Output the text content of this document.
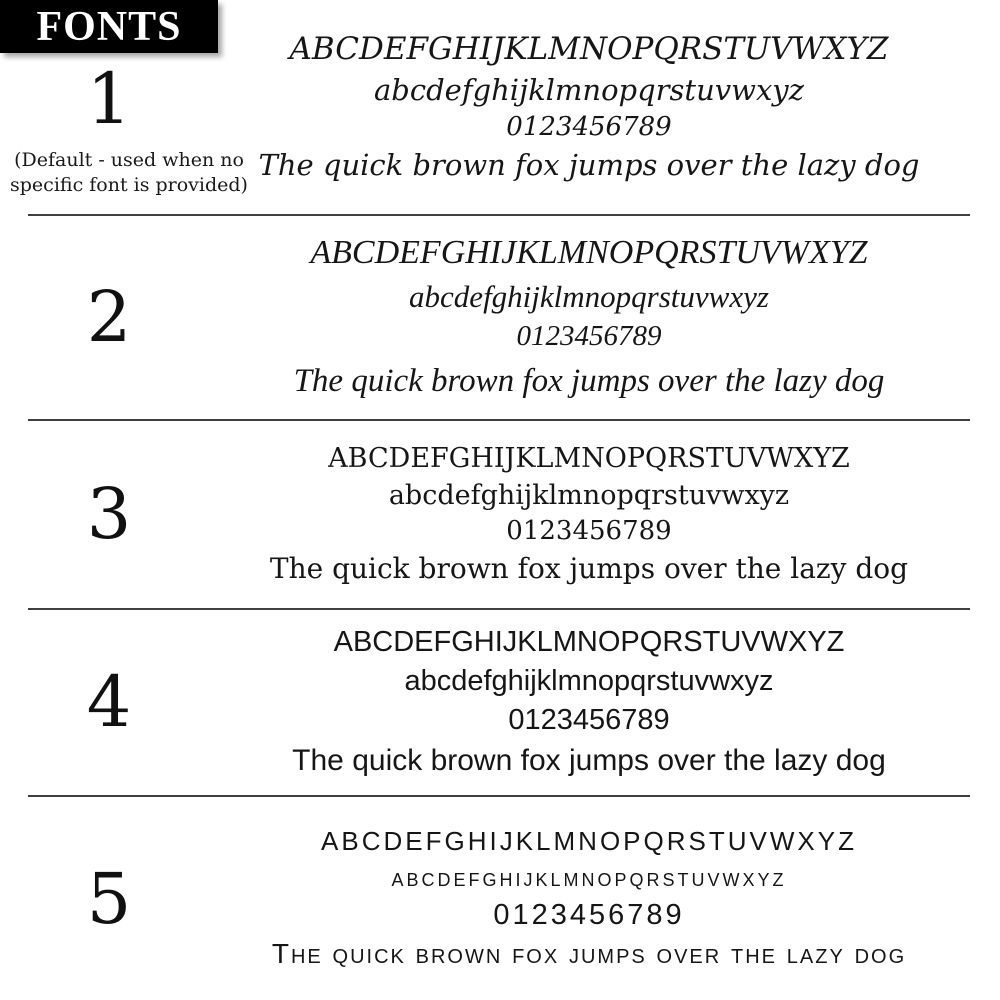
FONTS
1
(Default - used when no specific font is provided)
ABCDEFGHIJKLMNOPQRSTUVWXYZ
abcdefghijklmnopqrstuvwxyz
0123456789
The quick brown fox jumps over the lazy dog
2
ABCDEFGHIJKLMNOPQRSTUVWXYZ
abcdefghijklmnopqrstuvwxyz
0123456789
The quick brown fox jumps over the lazy dog
3
ABCDEFGHIJKLMNOPQRSTUVWXYZ
abcdefghijklmnopqrstuvwxyz
0123456789
The quick brown fox jumps over the lazy dog
4
ABCDEFGHIJKLMNOPQRSTUVWXYZ
abcdefghijklmnopqrstuvwxyz
0123456789
The quick brown fox jumps over the lazy dog
5
ABCDEFGHIJKLMNOPQRSTUVWXYZ
abcdefghijklmnopqrstuvwxyz
0123456789
The quick brown fox jumps over the lazy dog
